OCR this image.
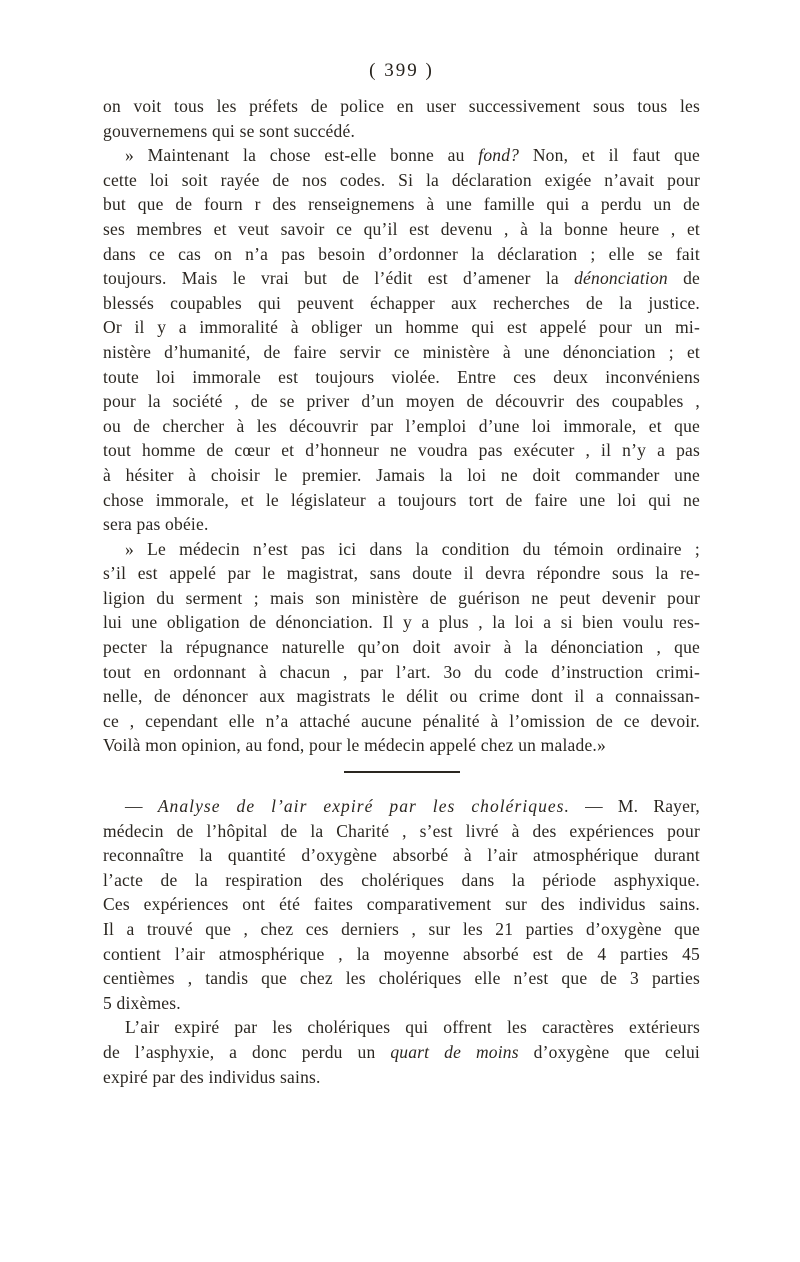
( 399 )
on voit tous les préfets de police en user successivement sous tous les
gouvernemens qui se sont succédé.
» Maintenant la chose est-elle bonne au fond? Non, et il faut que
cette loi soit rayée de nos codes. Si la déclaration exigée n’avait pour
but que de fourn r des renseignemens à une famille qui a perdu un de
ses membres et veut savoir ce qu’il est devenu , à la bonne heure , et
dans ce cas on n’a pas besoin d’ordonner la déclaration ; elle se fait
toujours. Mais le vrai but de l’édit est d’amener la dénonciation de
blessés coupables qui peuvent échapper aux recherches de la justice.
Or il y a immoralité à obliger un homme qui est appelé pour un mi-
nistère d’humanité, de faire servir ce ministère à une dénonciation ; et
toute loi immorale est toujours violée. Entre ces deux inconvéniens
pour la société , de se priver d’un moyen de découvrir des coupables ,
ou de chercher à les découvrir par l’emploi d’une loi immorale, et que
tout homme de cœur et d’honneur ne voudra pas exécuter , il n’y a pas
à hésiter à choisir le premier. Jamais la loi ne doit commander une
chose immorale, et le législateur a toujours tort de faire une loi qui ne
sera pas obéie.
» Le médecin n’est pas ici dans la condition du témoin ordinaire ;
s’il est appelé par le magistrat, sans doute il devra répondre sous la re-
ligion du serment ; mais son ministère de guérison ne peut devenir pour
lui une obligation de dénonciation. Il y a plus , la loi a si bien voulu res-
pecter la répugnance naturelle qu’on doit avoir à la dénonciation , que
tout en ordonnant à chacun , par l’art. 3o du code d’instruction crimi-
nelle, de dénoncer aux magistrats le délit ou crime dont il a connaissan-
ce , cependant elle n’a attaché aucune pénalité à l’omission de ce devoir.
Voilà mon opinion, au fond, pour le médecin appelé chez un malade.»
— Analyse de l’air expiré par les cholériques. — M. Rayer,
médecin de l’hôpital de la Charité , s’est livré à des expériences pour
reconnaître la quantité d’oxygène absorbé à l’air atmosphérique durant
l’acte de la respiration des cholériques dans la période asphyxique.
Ces expériences ont été faites comparativement sur des individus sains.
Il a trouvé que , chez ces derniers , sur les 21 parties d’oxygène que
contient l’air atmosphérique , la moyenne absorbé est de 4 parties 45
centièmes , tandis que chez les cholériques elle n’est que de 3 parties
5 dixèmes.
L’air expiré par les cholériques qui offrent les caractères extérieurs
de l’asphyxie, a donc perdu un quart de moins d’oxygène que celui
expiré par des individus sains.
